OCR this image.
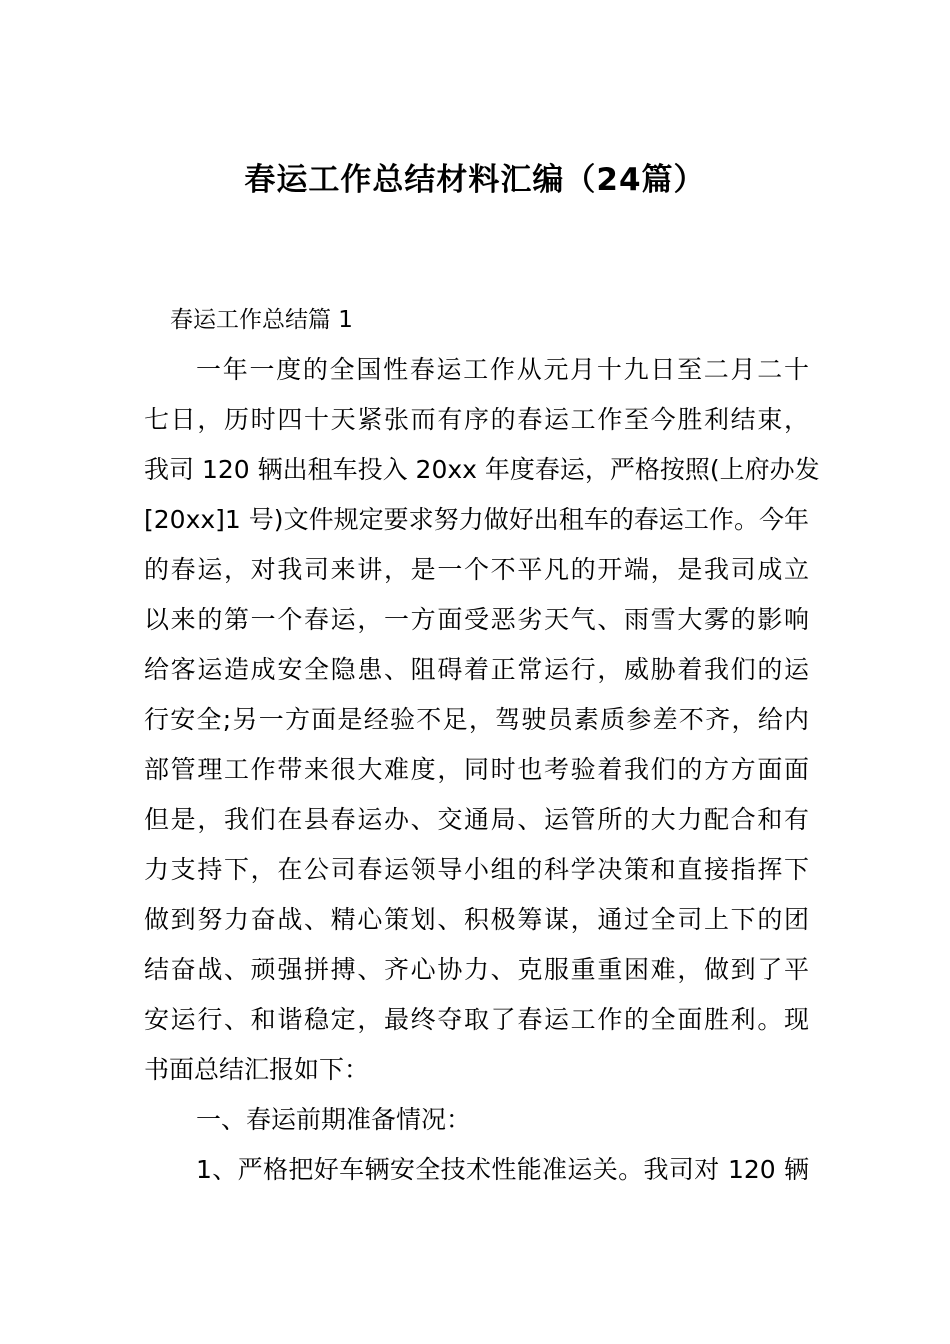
春运工作总结材料汇编（24篇）

春运工作总结篇 1

一年一度的全国性春运工作从元月十九日至二月二十

七日，历时四十天紧张而有序的春运工作至今胜利结束，

我司 120 辆出租车投入 20xx 年度春运，严格按照(上府办发

[20xx]1 号)文件规定要求努力做好出租车的春运工作。今年

的春运，对我司来讲，是一个不平凡的开端，是我司成立

以来的第一个春运，一方面受恶劣天气、雨雪大雾的影响

给客运造成安全隐患、阻碍着正常运行，威胁着我们的运

行安全;另一方面是经验不足，驾驶员素质参差不齐，给内

部管理工作带来很大难度，同时也考验着我们的方方面面

但是，我们在县春运办、交通局、运管所的大力配合和有

力支持下，在公司春运领导小组的科学决策和直接指挥下

做到努力奋战、精心策划、积极筹谋，通过全司上下的团

结奋战、顽强拼搏、齐心协力、克服重重困难，做到了平

安运行、和谐稳定，最终夺取了春运工作的全面胜利。现

书面总结汇报如下：

一、春运前期准备情况：

1、严格把好车辆安全技术性能准运关。我司对 120 辆
